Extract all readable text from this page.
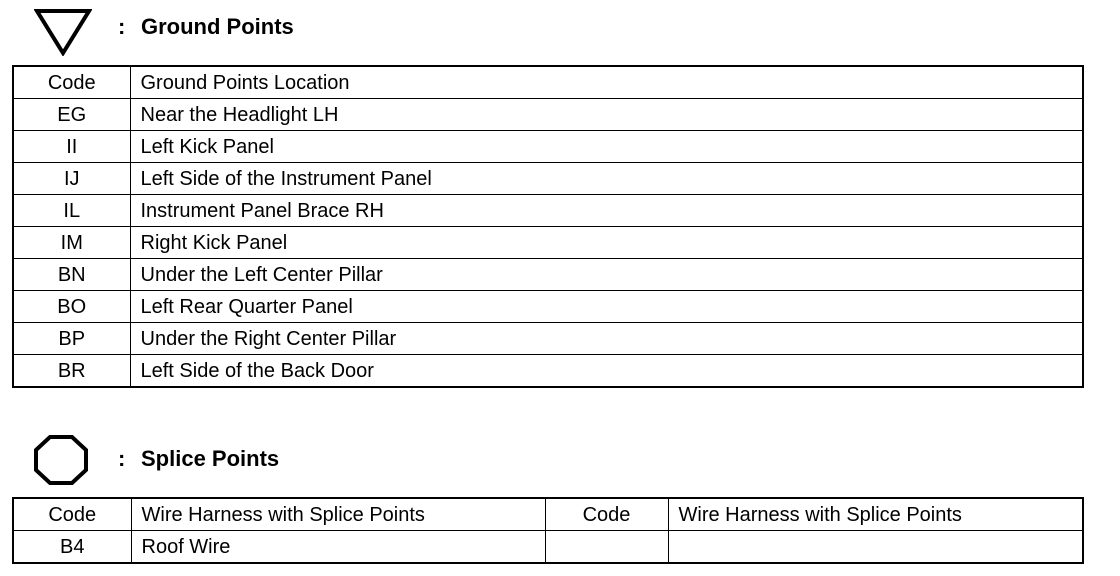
: Ground Points
Code	Ground Points Location
EG	Near the Headlight LH
II	Left Kick Panel
IJ	Left Side of the Instrument Panel
IL	Instrument Panel Brace RH
IM	Right Kick Panel
BN	Under the Left Center Pillar
BO	Left Rear Quarter Panel
BP	Under the Right Center Pillar
BR	Left Side of the Back Door
: Splice Points
Code	Wire Harness with Splice Points	Code	Wire Harness with Splice Points
B4	Roof Wire		
